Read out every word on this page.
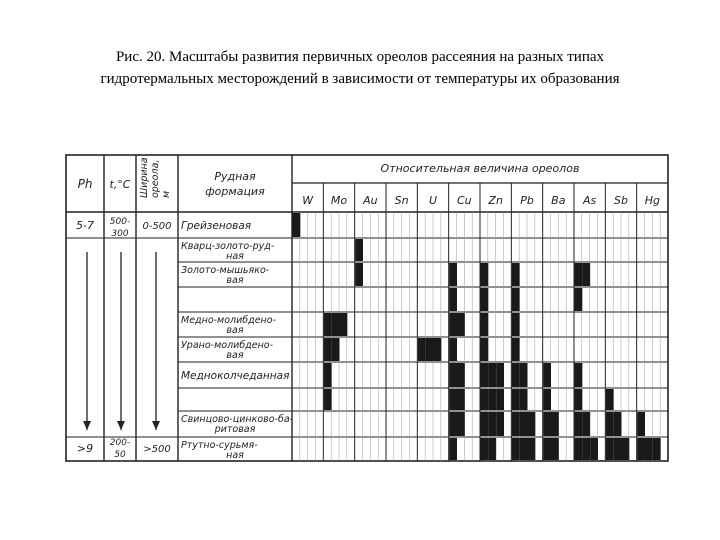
Рис. 20. Масштабы развития первичных ореолов рассеяния на разных типах
гидротермальных месторождений в зависимости от температуры их образования
Ph t,°C Ширина ореола, м
Рудная
формация
Относительная величина ореолов
W Mo Au Sn U Cu Zn Pb Ba As Sb Hg
5-7 500-
300
0-500
>9 200-
50 >500
Грейзеновая
Кварц-золото-руд-
ная
Золото-мышьяко-
вая
Медно-молибдено-
вая
Урано-молибдено-
вая
Медноколчеданная
Свинцово-цинково-ба-
ритовая
Ртутно-сурьмя-
ная
